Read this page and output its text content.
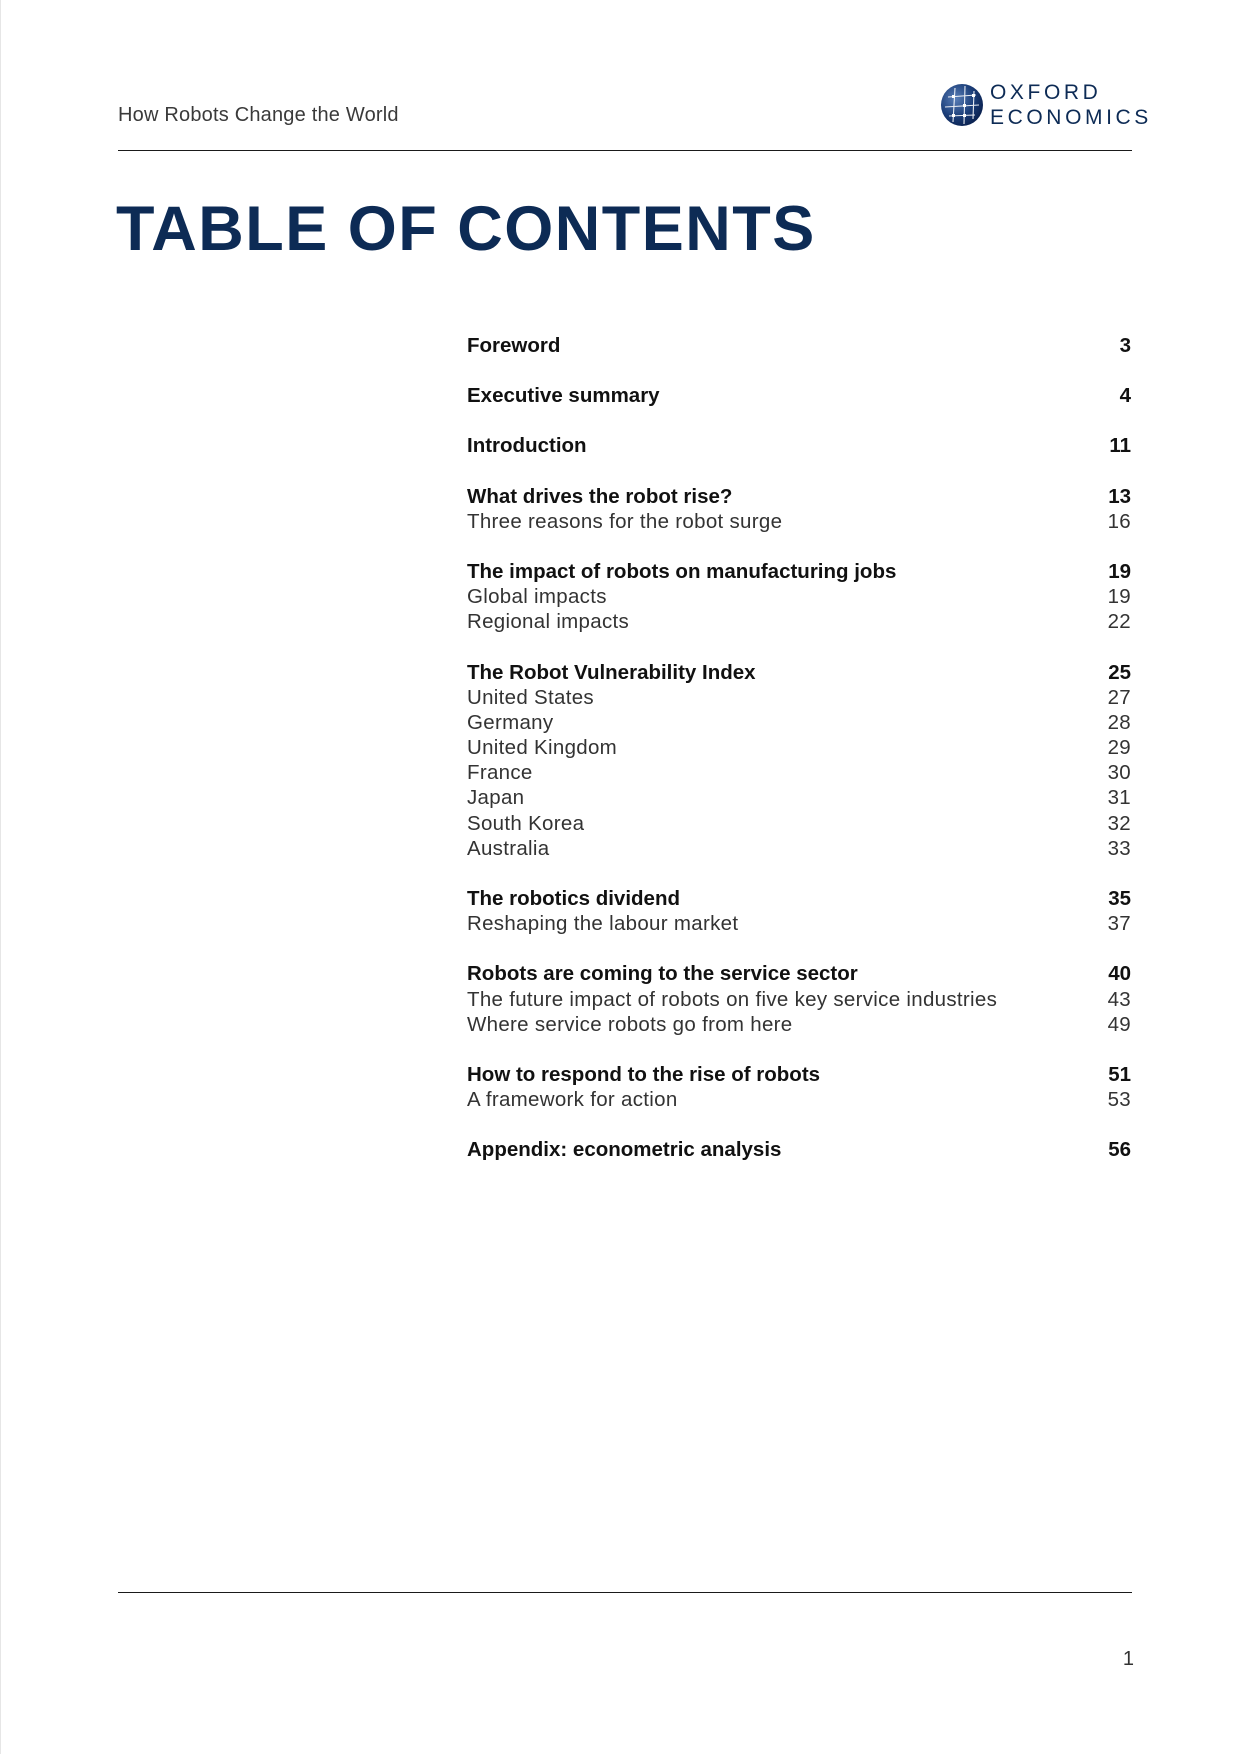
How Robots Change the World
OXFORD
ECONOMICS
TABLE OF CONTENTS
Foreword	3
Executive summary	4
Introduction	11
What drives the robot rise?	13
Three reasons for the robot surge	16
The impact of robots on manufacturing jobs	19
Global impacts	19
Regional impacts	22
The Robot Vulnerability Index	25
United States	27
Germany	28
United Kingdom	29
France	30
Japan	31
South Korea	32
Australia	33
The robotics dividend	35
Reshaping the labour market	37
Robots are coming to the service sector	40
The future impact of robots on five key service industries	43
Where service robots go from here	49
How to respond to the rise of robots	51
A framework for action	53
Appendix: econometric analysis	56
1
